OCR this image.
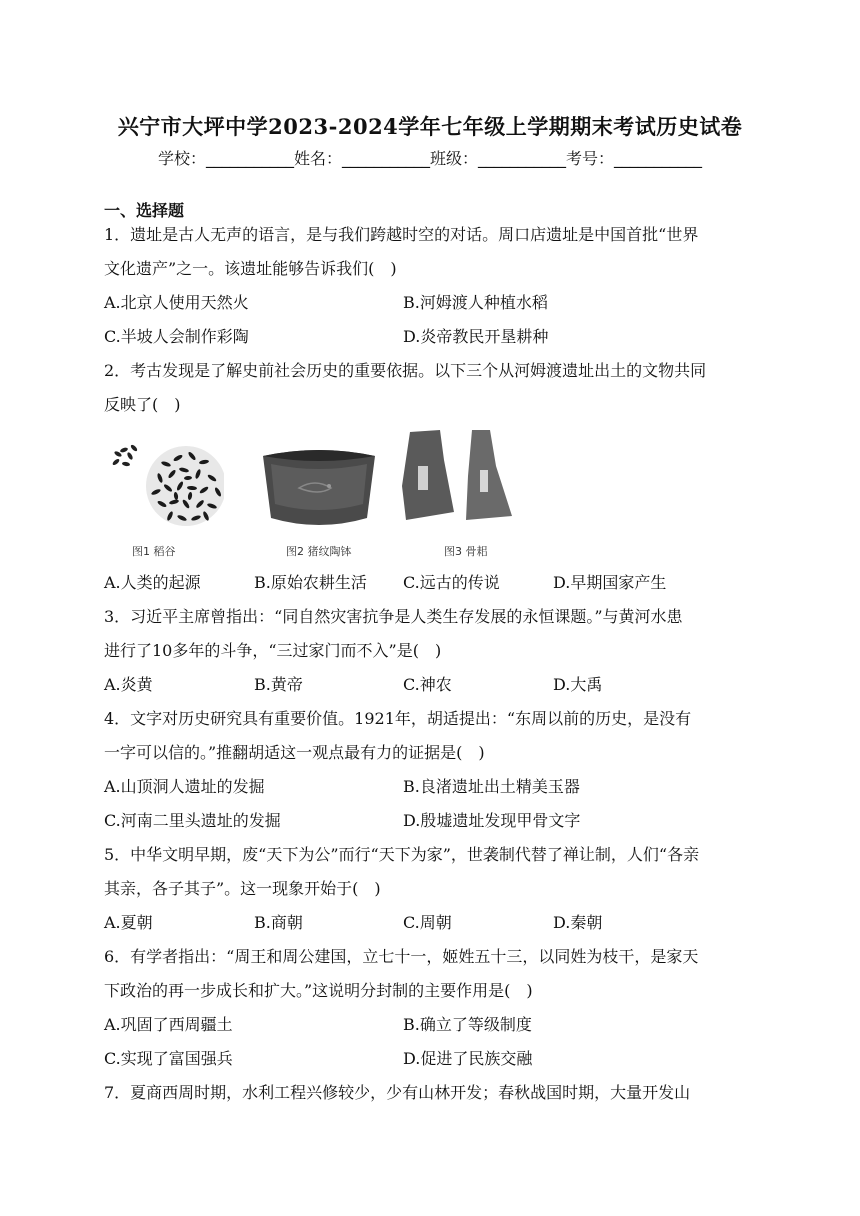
兴宁市大坪中学2023-2024学年七年级上学期期末考试历史试卷
学校：___________姓名：___________班级：___________考号：___________
一、选择题
1．遗址是古人无声的语言，是与我们跨越时空的对话。周口店遗址是中国首批“世界
文化遗产”之一。该遗址能够告诉我们(　)
A.北京人使用天然火	B.河姆渡人种植水稻
C.半坡人会制作彩陶	D.炎帝教民开垦耕种
2．考古发现是了解史前社会历史的重要依据。以下三个从河姆渡遗址出土的文物共同
反映了(　)
图1 稻谷	图2 猪纹陶钵	图3 骨耜
A.人类的起源	B.原始农耕生活 C.远古的传说	D.早期国家产生
3．习近平主席曾指出：“同自然灾害抗争是人类生存发展的永恒课题。”与黄河水患
进行了10多年的斗争，“三过家门而不入”是(　)
A.炎黄	B.黄帝	C.神农	D.大禹
4．文字对历史研究具有重要价值。1921年，胡适提出：“东周以前的历史，是没有
一字可以信的。”推翻胡适这一观点最有力的证据是(　)
A.山顶洞人遗址的发掘	B.良渚遗址出土精美玉器
C.河南二里头遗址的发掘	D.殷墟遗址发现甲骨文字
5．中华文明早期，废“天下为公”而行“天下为家”，世袭制代替了禅让制，人们“各亲
其亲，各子其子”。这一现象开始于(　)
A.夏朝	B.商朝	C.周朝	D.秦朝
6．有学者指出：“周王和周公建国，立七十一，姬姓五十三，以同姓为枝干，是家天
下政治的再一步成长和扩大。”这说明分封制的主要作用是(　)
A.巩固了西周疆土	B.确立了等级制度
C.实现了富国强兵	D.促进了民族交融
7．夏商西周时期，水利工程兴修较少，少有山林开发；春秋战国时期，大量开发山
